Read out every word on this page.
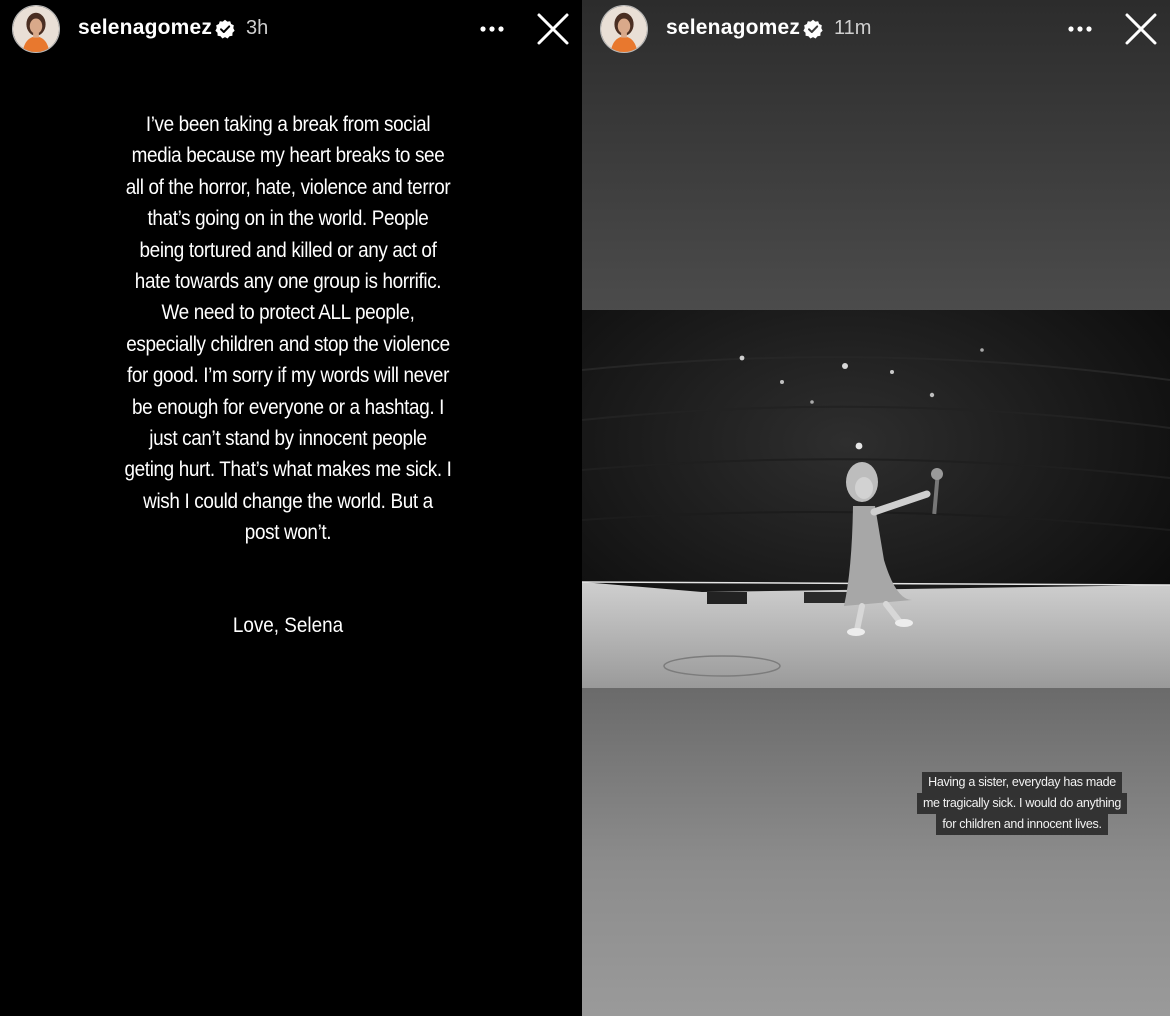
selenagomez 3h
I’ve been taking a break from social media because my heart breaks to see all of the horror, hate, violence and terror that’s going on in the world. People being tortured and killed or any act of hate towards any one group is horrific. We need to protect ALL people, especially children and stop the violence for good. I’m sorry if my words will never be enough for everyone or a hashtag. I just can’t stand by innocent people geting hurt. That’s what makes me sick. I wish I could change the world. But a post won’t.
Love, Selena
selenagomez 11m
Having a sister, everyday has made
me tragically sick. I would do anything
for children and innocent lives.
